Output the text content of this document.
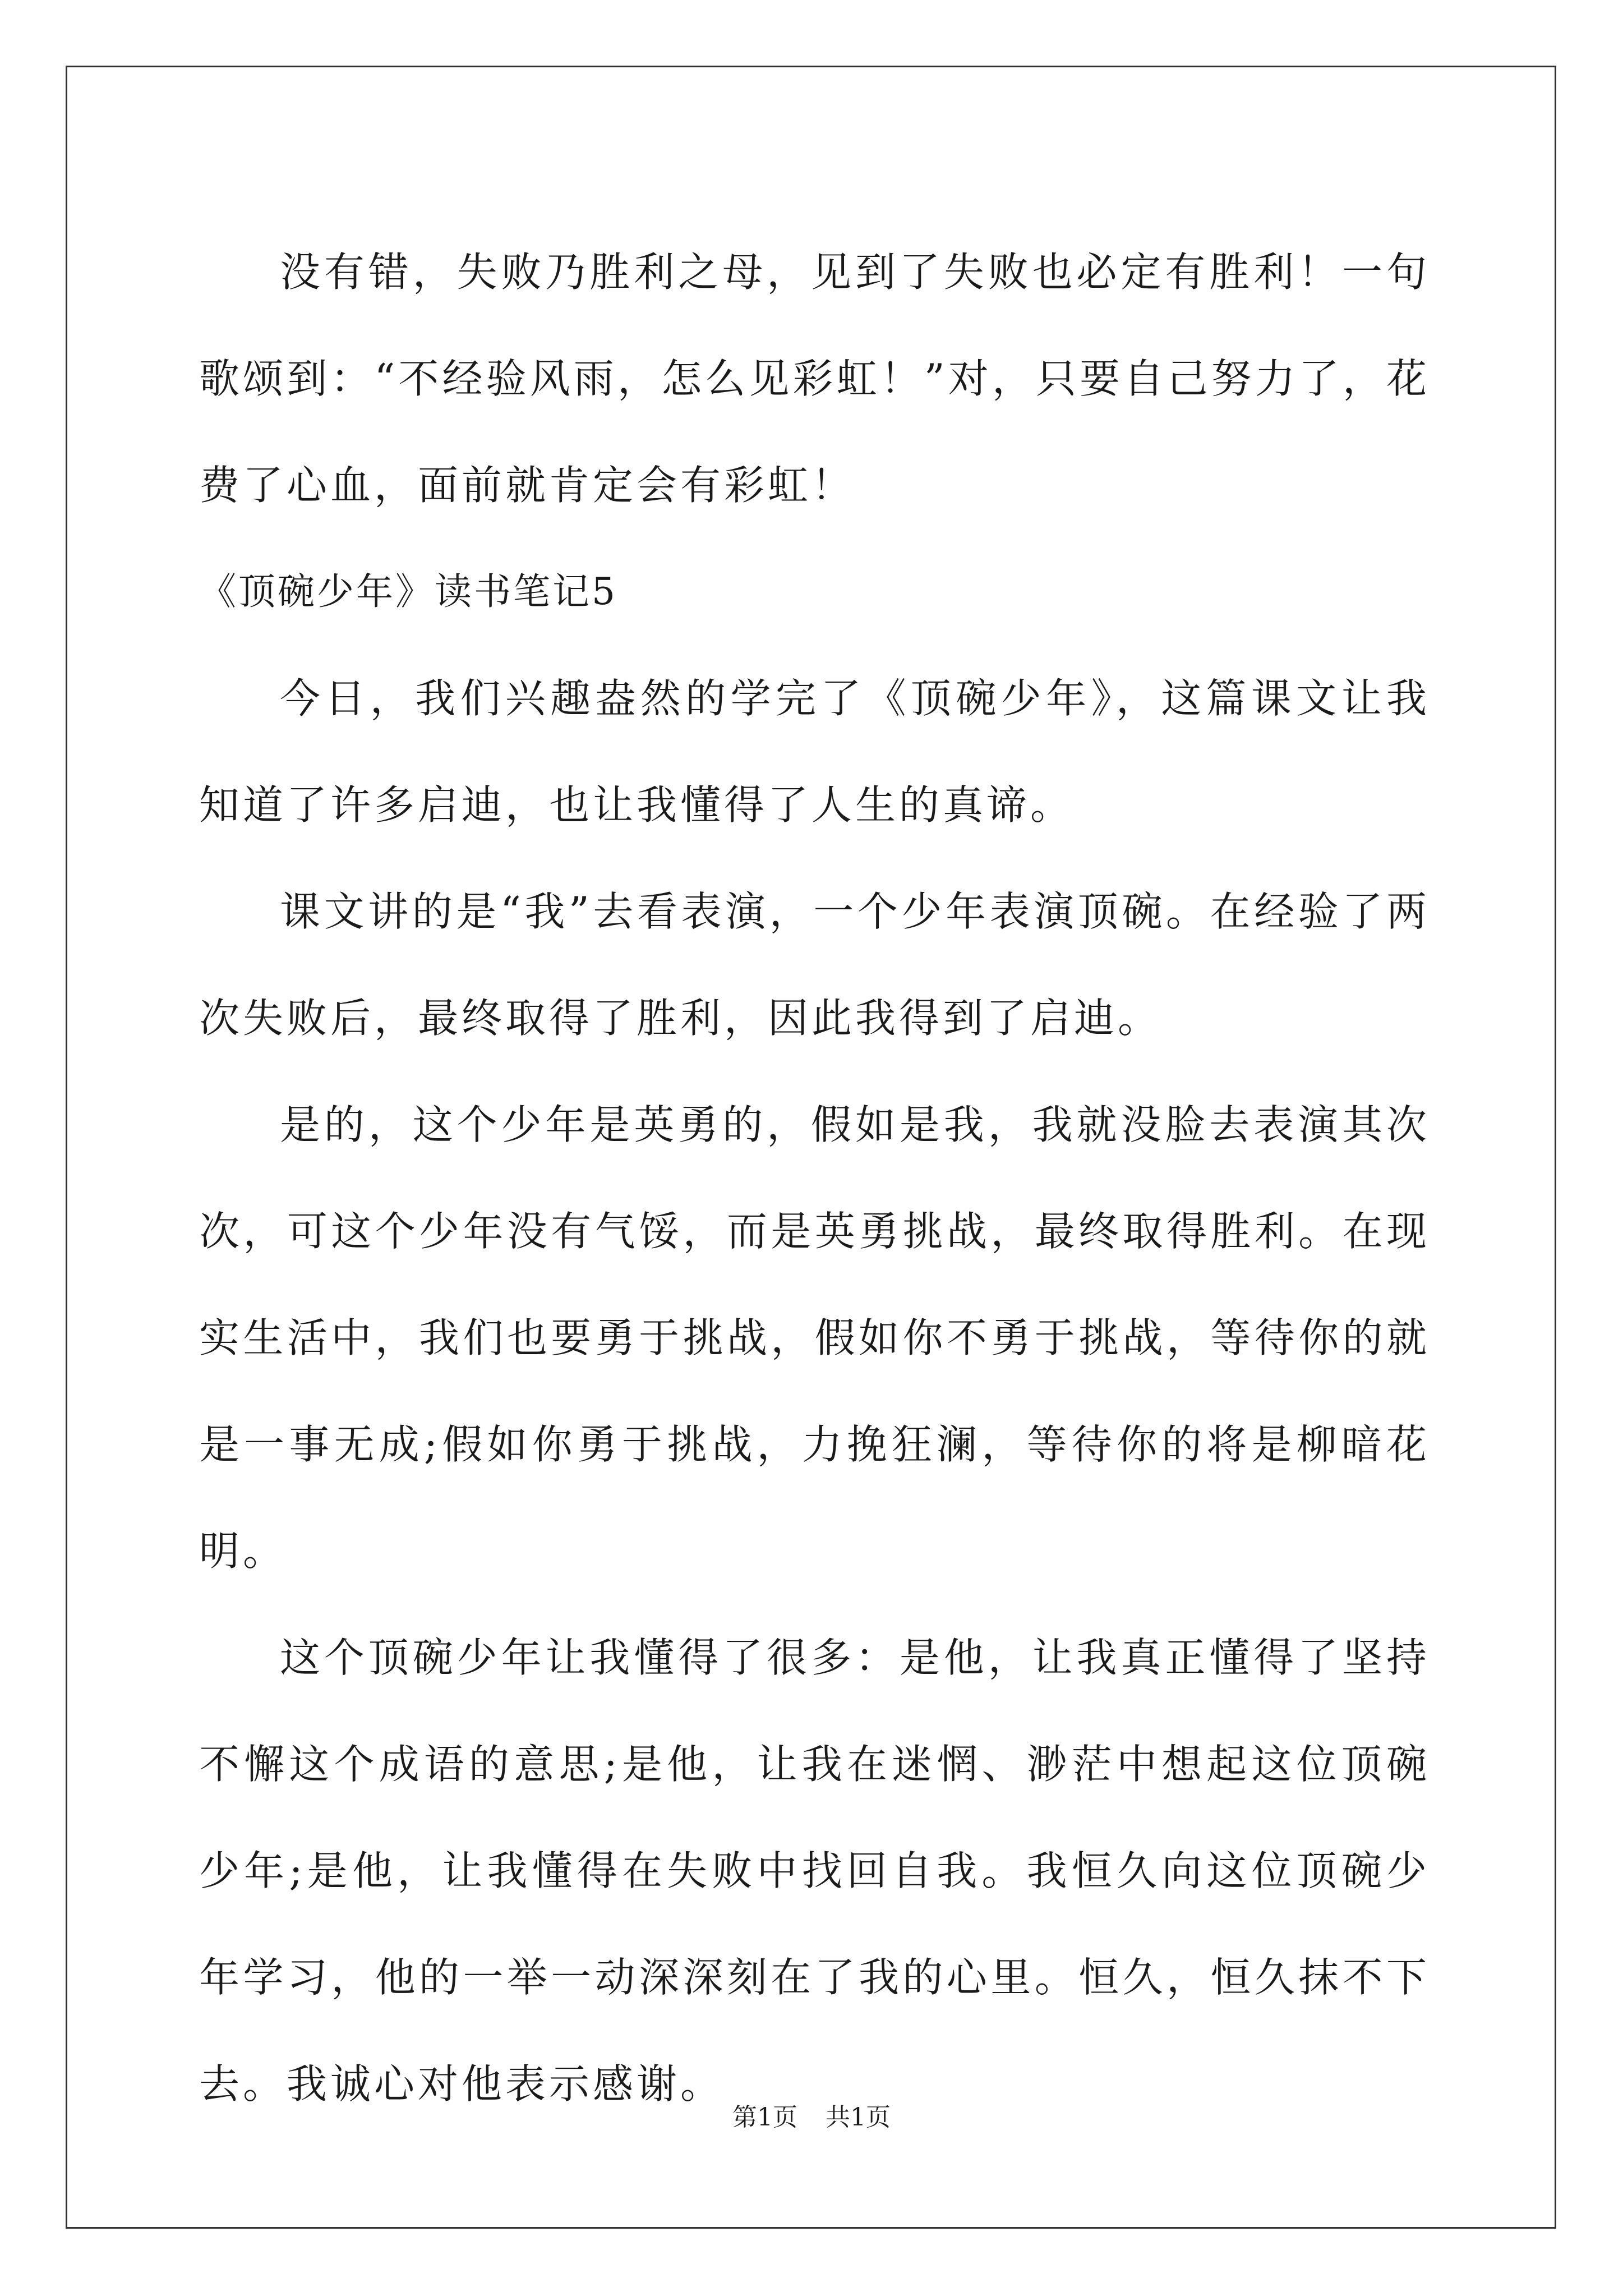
没有错，失败乃胜利之母，见到了失败也必定有胜利！一句歌颂到：“不经验风雨，怎么见彩虹！”对，只要自己努力了，花费了心血，面前就肯定会有彩虹！

《顶碗少年》读书笔记5

今日，我们兴趣盎然的学完了《顶碗少年》，这篇课文让我知道了许多启迪，也让我懂得了人生的真谛。

课文讲的是“我”去看表演，一个少年表演顶碗。在经验了两次失败后，最终取得了胜利，因此我得到了启迪。

是的，这个少年是英勇的，假如是我，我就没脸去表演其次次，可这个少年没有气馁，而是英勇挑战，最终取得胜利。在现实生活中，我们也要勇于挑战，假如你不勇于挑战，等待你的就是一事无成;假如你勇于挑战，力挽狂澜，等待你的将是柳暗花明。

这个顶碗少年让我懂得了很多：是他，让我真正懂得了坚持不懈这个成语的意思;是他，让我在迷惘、渺茫中想起这位顶碗少年;是他，让我懂得在失败中找回自我。我恒久向这位顶碗少年学习，他的一举一动深深刻在了我的心里。恒久，恒久抹不下去。我诚心对他表示感谢。

第1页 共1页
